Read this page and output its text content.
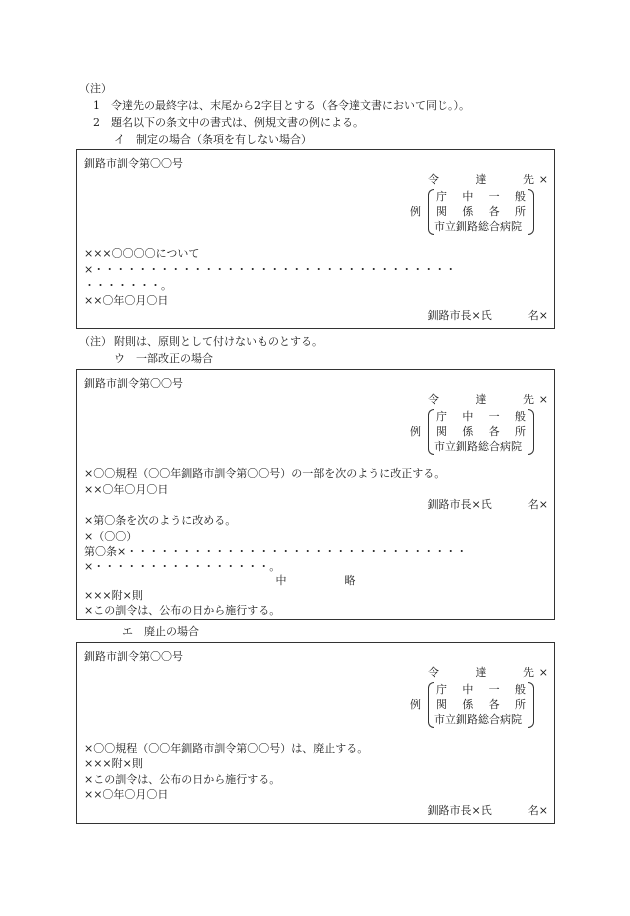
（注）
1　令達先の最終字は、末尾から2字目とする（各令達文書において同じ。）。
2　題名以下の条文中の書式は、例規文書の例による。
イ　制定の場合（条項を有しない場合）
釧路市訓令第〇〇号
令　　達　　先 ×
例
庁 中 一 般
関 係 各 所
市立釧路総合病院
×××〇〇〇〇について
×・・・・・・・・・・・・・・・・・・・・・・・・・・・・・・・・・
・・・・・・・。
××〇年〇月〇日
釧路市長×氏	名×
（注） 附則は、原則として付けないものとする。
ウ　一部改正の場合
釧路市訓令第〇〇号
令　　達　　先 ×
例
庁 中 一 般
関 係 各 所
市立釧路総合病院
×〇〇規程（〇〇年釧路市訓令第〇〇号）の一部を次のように改正する。
××〇年〇月〇日
釧路市長×氏	名×
×第〇条を次のように改める。
×（〇〇）
第〇条×・・・・・・・・・・・・・・・・・・・・・・・・・・・・・・・
×・・・・・・・・・・・・・・・・。
中　　略
×××附×則
×この訓令は、公布の日から施行する。
エ　廃止の場合
釧路市訓令第〇〇号
令　　達　　先 ×
例
庁 中 一 般
関 係 各 所
市立釧路総合病院
×〇〇規程（〇〇年釧路市訓令第〇〇号）は、廃止する。
×××附×則
×この訓令は、公布の日から施行する。
××〇年〇月〇日
釧路市長×氏	名×
